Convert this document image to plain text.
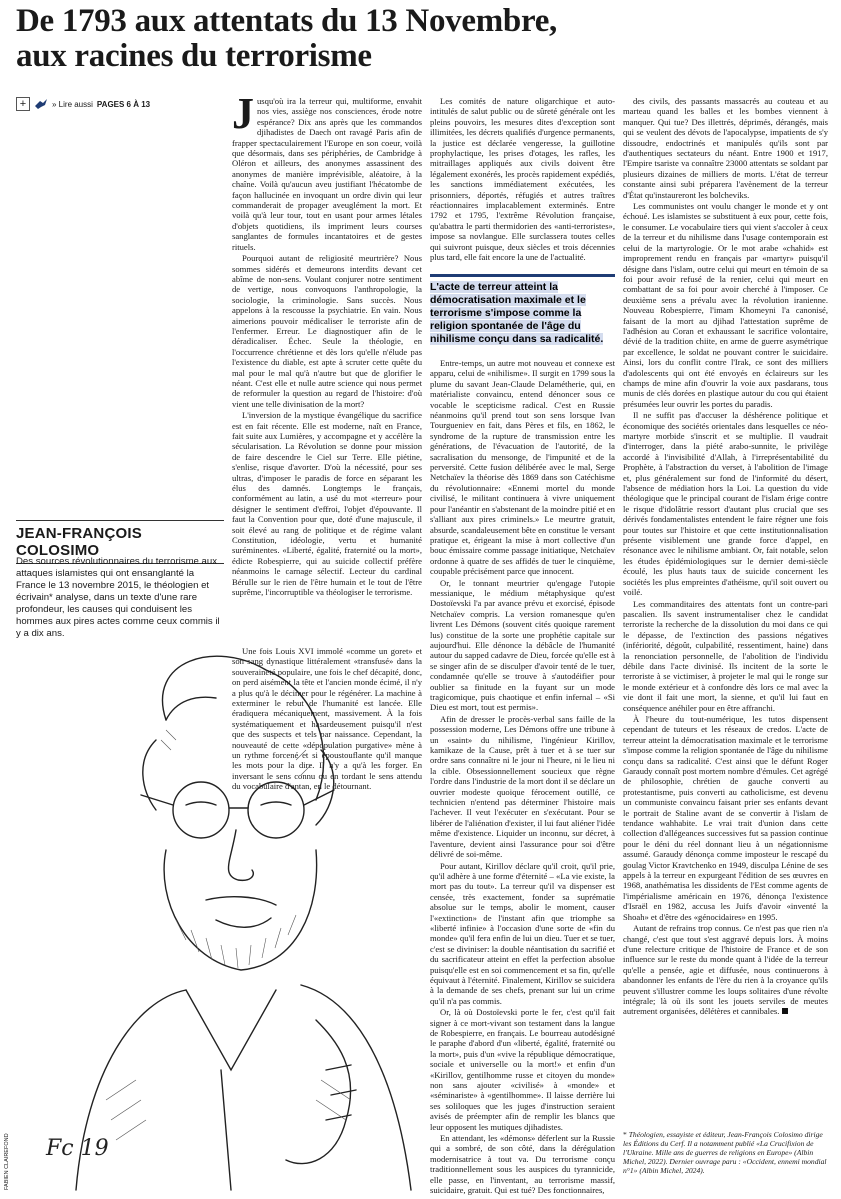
De 1793 aux attentats du 13 Novembre,
aux racines du terrorisme
+	» Lire aussi PAGES 6 À 13 Jusqu'où ira la terreur qui, multiforme, envahit nos vies, assiège nos consciences, érode notre espérance? Dix ans après que les commandos djihadistes de Daech ont ravagé Paris afin de frapper spectaculairement l'Europe en son coeur, voilà que désormais, dans ses périphéries, de Cambridge à Oléron et ailleurs, des anonymes assassinent des anonymes de manière imprévisible, aléatoire, à la chaîne. Voilà qu'aucun aveu justifiant l'hécatombe de façon hallucinée en invoquant un ordre divin qui leur commanderait de propager aveuglément la mort. Et voilà qu'à leur tour, tout en usant pour armes létales d'objets quotidiens, ils impriment leurs courses sanglantes de formules incantatoires et de gestes rituels.

Pourquoi autant de religiosité meurtrière? Nous sommes sidérés et demeurons interdits devant cet abîme de non-sens. Voulant conjurer notre sentiment de vertige, nous convoquons l'anthropologie, la sociologie, la criminologie. Sans succès. Nous appelons à la rescousse la psychiatrie. En vain. Nous aimerions pouvoir médicaliser le terroriste afin de l'enfermer. Erreur. Le diagnostiquer afin de le déradicaliser. Échec. Seule la théologie, en l'occurrence chrétienne et dès lors qu'elle n'élude pas l'existence du diable, est apte à scruter cette quête du mal pour le mal qu'à n'autre but que de glorifier le néant. C'est elle et nulle autre science qui nous permet de reformuler la question au regard de l'histoire: d'où vient une telle divinisation de la mort?

L'inversion de la mystique évangélique du sacrifice est en fait récente. Elle est moderne, naît en France, fait suite aux Lumières, y accompagne et y accélère la sécularisation. La Révolution se donne pour mission de faire descendre le Ciel sur Terre. Elle piétine, s'enlise, risque d'avorter. D'où la nécessité, pour ses ultras, d'imposer le paradis de force en séparant les élus des damnés. Longtemps le français, conformément au latin, a usé du mot «terreur» pour désigner le sentiment d'effroi, l'objet d'épouvante. Il faut la Convention pour que, doté d'une majuscule, il soit élevé au rang de politique et de régime valant Constitution, idéologie, vertu et humanité suréminentes. «Liberté, égalité, fraternité ou la mort», édicte Robespierre, qui au suicide collectif préfère néanmoins le carnage sélectif. Lecteur du cardinal Bérulle sur le rien de l'être humain et le tout de l'être suprême, l'incorruptible va théologiser le terrorisme.

Une fois Louis XVI immolé «comme un goret» et son sang dynastique littéralement «transfusé» dans la souveraineté populaire, une fois le chef décapité, donc, on perd aisément la tête et l'ancien monde écimé, il n'y a plus qu'à le décimer pour le régénérer. La machine à exterminer le rebut de l'humanité est lancée. Elle éradiquera mécaniquement, massivement. À la fois systématiquement et hasardeusement puisqu'il n'est que des suspects et tels par naissance. Cependant, la nouveauté de cette «dépopulation purgative» mène à un rythme forcené et si époustouflante qu'il manque les mots pour la dire. Il n'y a qu'à les forger. En inversant le sens connu ou en tordant le sens attendu du vocabulaire d'antan, en le détournant.

Les comités de nature oligarchique et auto-intitulés de salut public ou de sûreté générale ont les pleins pouvoirs, les mesures dites d'exception sont illimitées, les décrets qualifiés d'urgence permanents, la justice est déclarée vengeresse, la guillotine prophylactique, les prises d'otages, les rafles, les mitraillages appliqués aux civils doivent être légalement exonérés, les procès rapidement expédiés, les sanctions immédiatement exécutées, les prisonniers, déportés, réfugiés et autres traîtres réactionnaires implacablement exterminés. Entre 1792 et 1795, l'extrême Révolution française, qu'abattra le parti thermidorien des «anti-terroristes», impose sa novlangue. Elle surclassera toutes celles qui suivront puisque, deux siècles et trois décennies plus tard, elle fait encore la une de l'actualité.

L'acte de terreur atteint la démocratisation maximale et le terrorisme s'impose comme la religion spontanée de l'âge du nihilisme conçu dans sa radicalité.

Entre-temps, un autre mot nouveau et connexe est apparu, celui de «nihilisme». Il surgit en 1799 sous la plume du savant Jean-Claude Delamétherie, qui, en matérialiste convaincu, entend dénoncer sous ce vocable le scepticisme radical. C'est en Russie néanmoins qu'il prend tout son sens lorsque Ivan Tourgueniev en fait, dans Pères et fils, en 1862, le syndrome de la rupture de transmission entre les générations, de l'évacuation de l'autorité, de la sacralisation du mensonge, de l'impunité et de la perversité. Cette fusion délibérée avec le mal, Serge Netchaïev la théorise dès 1869 dans son Catéchisme du révolutionnaire: «Ennemi mortel du monde civilisé, le militant continuera à vivre uniquement pour l'anéantir en s'abstenant de la moindre pitié et en s'alliant aux pires criminels.» Le meurtre gratuit, absurde, scandaleusement bête en constitue le versant pratique et, érigeant la mise à mort collective d'un bouc émissaire comme passage initiatique, Netchaïev ordonne à quatre de ses affidés de tuer le cinquième, coupable précisément parce que innocent.

Or, le tonnant meurtrier qu'engage l'utopie messianique, le médium métaphysique qu'est Dostoïevski l'a par avance prévu et exorcisé, épisode Netchaïev compris. La version romanesque qu'en livrent Les Démons (souvent cités quoique rarement lus) constitue de la sorte une prophétie capitale sur aujourd'hui. Elle dénonce la débâcle de l'humanité autour du sapped cadavre de Dieu, forcée qu'elle est à se singer afin de se disculper d'avoir tenté de le tuer, condamnée qu'elle se trouve à s'autodéifier pour oublier sa finitude en la fuyant sur un mode tragicomique, puis chaotique et enfin infernal – «Si Dieu est mort, tout est permis».

Afin de dresser le procès-verbal sans faille de la possession moderne, Les Démons offre une tribune à un «saint» du nihilisme, l'ingénieur Kirillov, kamikaze de la Cause, prêt à tuer et à se tuer sur ordre sans connaître ni le jour ni l'heure, ni le lieu ni la cible. Obsessionnellement soucieux que règne l'ordre dans l'industrie de la mort dont il se déclare un ouvrier modeste quoique férocement outillé, ce technicien n'entend pas déterminer l'histoire mais l'achever. Il veut l'exécuter en s'exécutant. Pour se libérer de l'aliénation d'exister, il lui faut aliéner l'idée même d'existence. Liquider un inconnu, sur décret, à l'aventure, devient ainsi l'assurance pour soi d'être délivré de soi-même.

Pour autant, Kirillov déclare qu'il croit, qu'il prie, qu'il adhère à une forme d'éternité – «La vie existe, la mort pas du tout». La terreur qu'il va dispenser est censée, très exactement, fonder sa suprématie absolue sur le temps, abolir le moment, causer l'«extinction» de l'instant afin que triomphe sa «liberté infinie» à l'occasion d'une sorte de «fin du monde» qu'il fera enfin de lui un dieu. Tuer et se tuer, c'est se diviniser: la double néantisation du sacrifié et du sacrificateur atteint en effet la perfection absolue puisqu'elle est en soi commencement et sa fin, qu'elle équivaut à l'éternité. Finalement, Kirillov se suicidera à la demande de ses chefs, prenant sur lui un crime qu'il n'a pas commis.

Or, là où Dostoïevski porte le fer, c'est qu'il fait signer à ce mort-vivant son testament dans la langue de Robespierre, en français. Le bourreau autodésigné le paraphe d'abord d'un «liberté, égalité, fraternité ou la mort», puis d'un «vive la république démocratique, sociale et universelle ou la mort!» et enfin d'un «Kirillov, gentilhomme russe et citoyen du monde» non sans ajouter «civilisé» à «monde» et «séminariste» à «gentilhomme». Il laisse derrière lui ses soliloques que les juges d'instruction seraient avisés de préempter afin de remplir les blancs que leur opposent les mutiques djihadistes.

En attendant, les «démons» déferlent sur la Russie qui a sombré, de son côté, dans la dérégulation modernisatrice à tout va. Du terrorisme conçu traditionnellement sous les auspices du tyrannicide, elle passe, en l'inventant, au terrorisme massif, suicidaire, gratuit. Qui est tué? Des fonctionnaires,

des civils, des passants massacrés au couteau et au marteau quand les balles et les bombes viennent à manquer. Qui tue? Des illettrés, déprimés, dérangés, mais qui se veulent des dévots de l'apocalypse, impatients de s'y dissoudre, endoctrinés et manipulés qu'ils sont par d'authentiques sectateurs du néant. Entre 1900 et 1917, l'Empire tsariste va connaître 23000 attentats se soldant par plusieurs dizaines de milliers de morts. L'état de terreur constante ainsi subi préparera l'avènement de la terreur d'État qu'instaureront les bolcheviks.

Les communistes ont voulu changer le monde et y ont échoué. Les islamistes se substituent à eux pour, cette fois, le consumer. Le vocabulaire tiers qui vient s'accoler à ceux de la terreur et du nihilisme dans l'usage contemporain est celui de la martyrologie. Or le mot arabe «chahid» est improprement rendu en français par «martyr» puisqu'il désigne dans l'islam, outre celui qui meurt en témoin de sa foi pour avoir refusé de la renier, celui qui meurt en combattant de sa foi pour avoir cherché à l'imposer. Ce deuxième sens a prévalu avec la révolution iranienne. Nouveau Robespierre, l'imam Khomeyni l'a canonisé, faisant de la mort au djihad l'attestation suprême de l'adhésion au Coran et exhaussant le sacrifice volontaire, dévié de la tradition chiite, en arme de guerre asymétrique par excellence, le soldat ne pouvant contrer le suicidaire. Ainsi, lors du conflit contre l'Irak, ce sont des milliers d'adolescents qui ont été envoyés en éclaireurs sur les champs de mine afin d'ouvrir la voie aux pasdarans, tous munis de clés dorées en plastique autour du cou qui étaient présumées leur ouvrir les portes du paradis.

Il ne suffit pas d'accuser la déshérence politique et économique des sociétés orientales dans lesquelles ce néo-martyre morbide s'inscrit et se multiplie. Il vaudrait d'interroger, dans la piété arabo-sunnite, le privilège accordé à l'invisibilité d'Allah, à l'irreprésentabilité du Prophète, à l'abstraction du verset, à l'abolition de l'image et, plus généralement sur fond de l'informité du désert, l'absence de médiation hors la Loi. La question du vide théologique que le principal courant de l'islam érige contre le risque d'idolâtrie ressort d'autant plus crucial que ses dérivés fondamentalistes entendent le faire régner une fois pour toutes sur l'histoire et que cette institutionnalisation présente visiblement une grande force d'appel, en résonance avec le nihilisme ambiant. Or, fait notable, selon les études épidémiologiques sur le dernier demi-siècle écoulé, les plus hauts taux de suicide concernent les sociétés les plus empreintes d'athéisme, qu'il soit ouvert ou voilé.

Les commanditaires des attentats font un contre-pari pascalien. Ils savent instrumentaliser chez le candidat terroriste la recherche de la dissolution du moi dans ce qui le dépasse, de l'extinction des passions négatives (infériorité, dégoût, culpabilité, ressentiment, haine) dans la renonciation personnelle, de l'abolition de l'individu débile dans l'acte divinisé. Ils incitent de la sorte le terroriste à se victimiser, à projeter le mal qui le ronge sur le monde extérieur et à confondre dès lors ce mal avec la vie dont il fait une mort, la sienne, et qu'il lui faut en conséquence anéhiler pour en être affranchi.

À l'heure du tout-numérique, les tutos dispensent cependant de tuteurs et les réseaux de credos. L'acte de terreur atteint la démocratisation maximale et le terrorisme s'impose comme la religion spontanée de l'âge du nihilisme conçu dans sa radicalité. C'est ainsi que le défunt Roger Garaudy connaît post mortem nombre d'émules. Cet agrégé de philosophie, chrétien de gauche converti au protestantisme, puis converti au catholicisme, est devenu un communiste convaincu faisant prier ses enfants devant le portrait de Staline avant de se convertir à l'islam de tendance wahhabite. Le vrai trait d'union dans cette collection d'allégeances successives fut sa passion continue pour le déni du réel donnant lieu à un négationnisme assumé. Garaudy dénonça comme imposteur le rescapé du goulag Victor Kravtchenko en 1949, disculpa Lénine de ses appels à la terreur en expurgeant l'édition de ses œuvres en 1968, anathématisa les dissidents de l'Est comme agents de l'impérialisme américain en 1976, dénonça l'existence d'Israël en 1982, accusa les Juifs d'avoir «inventé la Shoah» et d'être des «génocidaires» en 1995.

Autant de refrains trop connus. Ce n'est pas que rien n'a changé, c'est que tout s'est aggravé depuis lors. À moins d'une relecture critique de l'histoire de France et de son influence sur le reste du monde quant à l'idée de la terreur qu'elle a pensée, agie et diffusée, nous continuerons à abandonner les enfants de l'ère du rien à la croyance qu'ils peuvent s'illustrer comme les loups solitaires d'une révolte intégrale; là où ils sont les jouets serviles de meutes autrement organisées, délétères et cannibales.

* Théologien, essayiste et éditeur, Jean-François Colosimo dirige les Éditions du Cerf. Il a notamment publié «La Crucifixion de l'Ukraine. Mille ans de guerres de religions en Europe» (Albin Michel, 2022). Dernier ouvrage paru : «Occident, ennemi mondial n°1» (Albin Michel, 2024).
JEAN-FRANÇOIS COLOSIMO
Des sources révolutionnaires du terrorisme aux attaques islamistes qui ont ensanglanté la France le 13 novembre 2015, le théologien et écrivain* analyse, dans un texte d'une rare profondeur, les causes qui conduisent les hommes aux pires actes comme ceux commis il y a dix ans.
Fc 19
FABIEN CLAIREFOND
